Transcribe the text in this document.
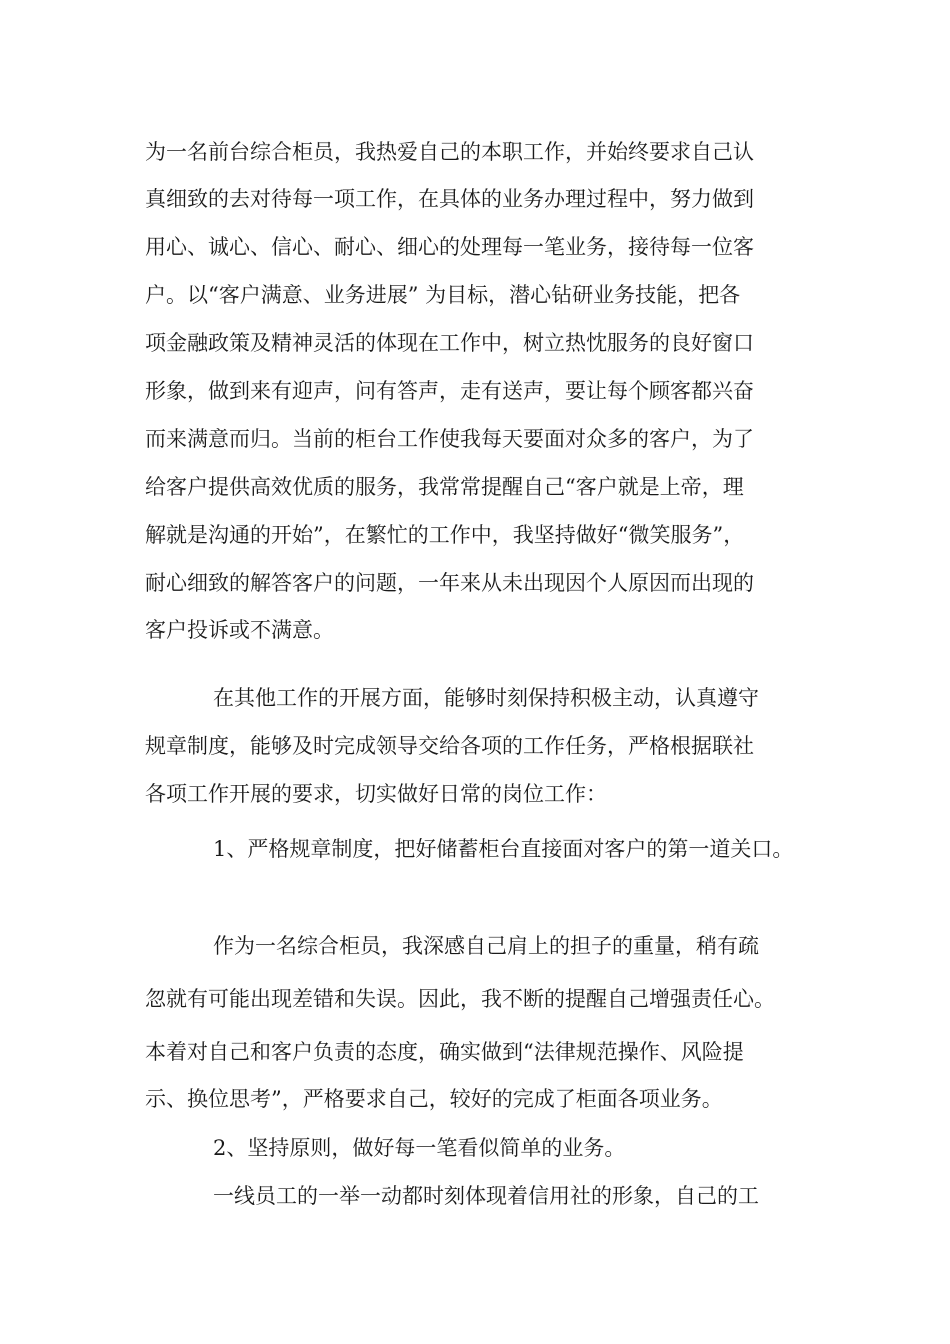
为一名前台综合柜员，我热爱自己的本职工作，并始终要求自己认
真细致的去对待每一项工作，在具体的业务办理过程中，努力做到
用心、诚心、信心、耐心、细心的处理每一笔业务，接待每一位客
户。以“客户满意、业务进展” 为目标，潜心钻研业务技能，把各
项金融政策及精神灵活的体现在工作中，树立热忱服务的良好窗口
形象，做到来有迎声，问有答声，走有送声，要让每个顾客都兴奋
而来满意而归。当前的柜台工作使我每天要面对众多的客户，为了
给客户提供高效优质的服务，我常常提醒自己“客户就是上帝，理
解就是沟通的开始”，在繁忙的工作中，我坚持做好“微笑服务”，
耐心细致的解答客户的问题，一年来从未出现因个人原因而出现的
客户投诉或不满意。
在其他工作的开展方面，能够时刻保持积极主动，认真遵守
规章制度，能够及时完成领导交给各项的工作任务，严格根据联社
各项工作开展的要求，切实做好日常的岗位工作：
1、严格规章制度，把好储蓄柜台直接面对客户的第一道关口。
作为一名综合柜员，我深感自己肩上的担子的重量，稍有疏
忽就有可能出现差错和失误。因此，我不断的提醒自己增强责任心。
本着对自己和客户负责的态度，确实做到“法律规范操作、风险提
示、换位思考”，严格要求自己，较好的完成了柜面各项业务。
2、坚持原则，做好每一笔看似简单的业务。
一线员工的一举一动都时刻体现着信用社的形象，自己的工
